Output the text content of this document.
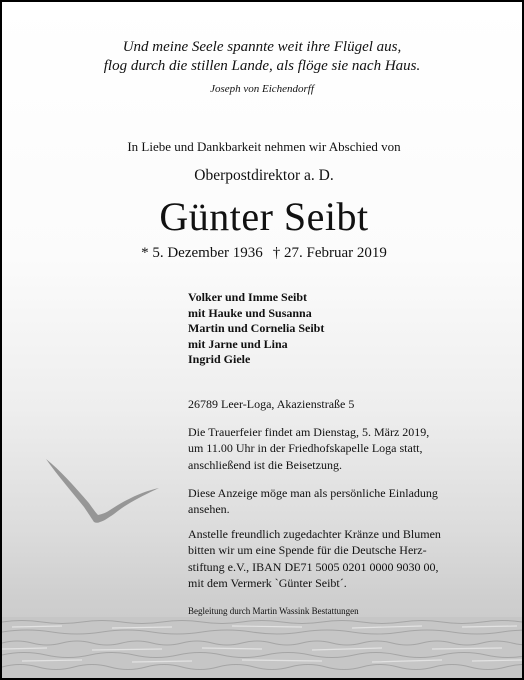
Und meine Seele spannte weit ihre Flügel aus,
flog durch die stillen Lande, als flöge sie nach Haus.
Joseph von Eichendorff
In Liebe und Dankbarkeit nehmen wir Abschied von
Oberpostdirektor a. D.
Günter Seibt
* 5. Dezember 1936 † 27. Februar 2019
Volker und Imme Seibt
mit Hauke und Susanna
Martin und Cornelia Seibt
mit Jarne und Lina
Ingrid Giele
26789 Leer-Loga, Akazienstraße 5
Die Trauerfeier findet am Dienstag, 5. März 2019,
um 11.00 Uhr in der Friedhofskapelle Loga statt,
anschließend ist die Beisetzung.
Diese Anzeige möge man als persönliche Einladung
ansehen.
Anstelle freundlich zugedachter Kränze und Blumen
bitten wir um eine Spende für die Deutsche Herz-
stiftung e.V., IBAN DE71 5005 0201 0000 9030 00,
mit dem Vermerk `Günter Seibt´.
Begleitung durch Martin Wassink Bestattungen
